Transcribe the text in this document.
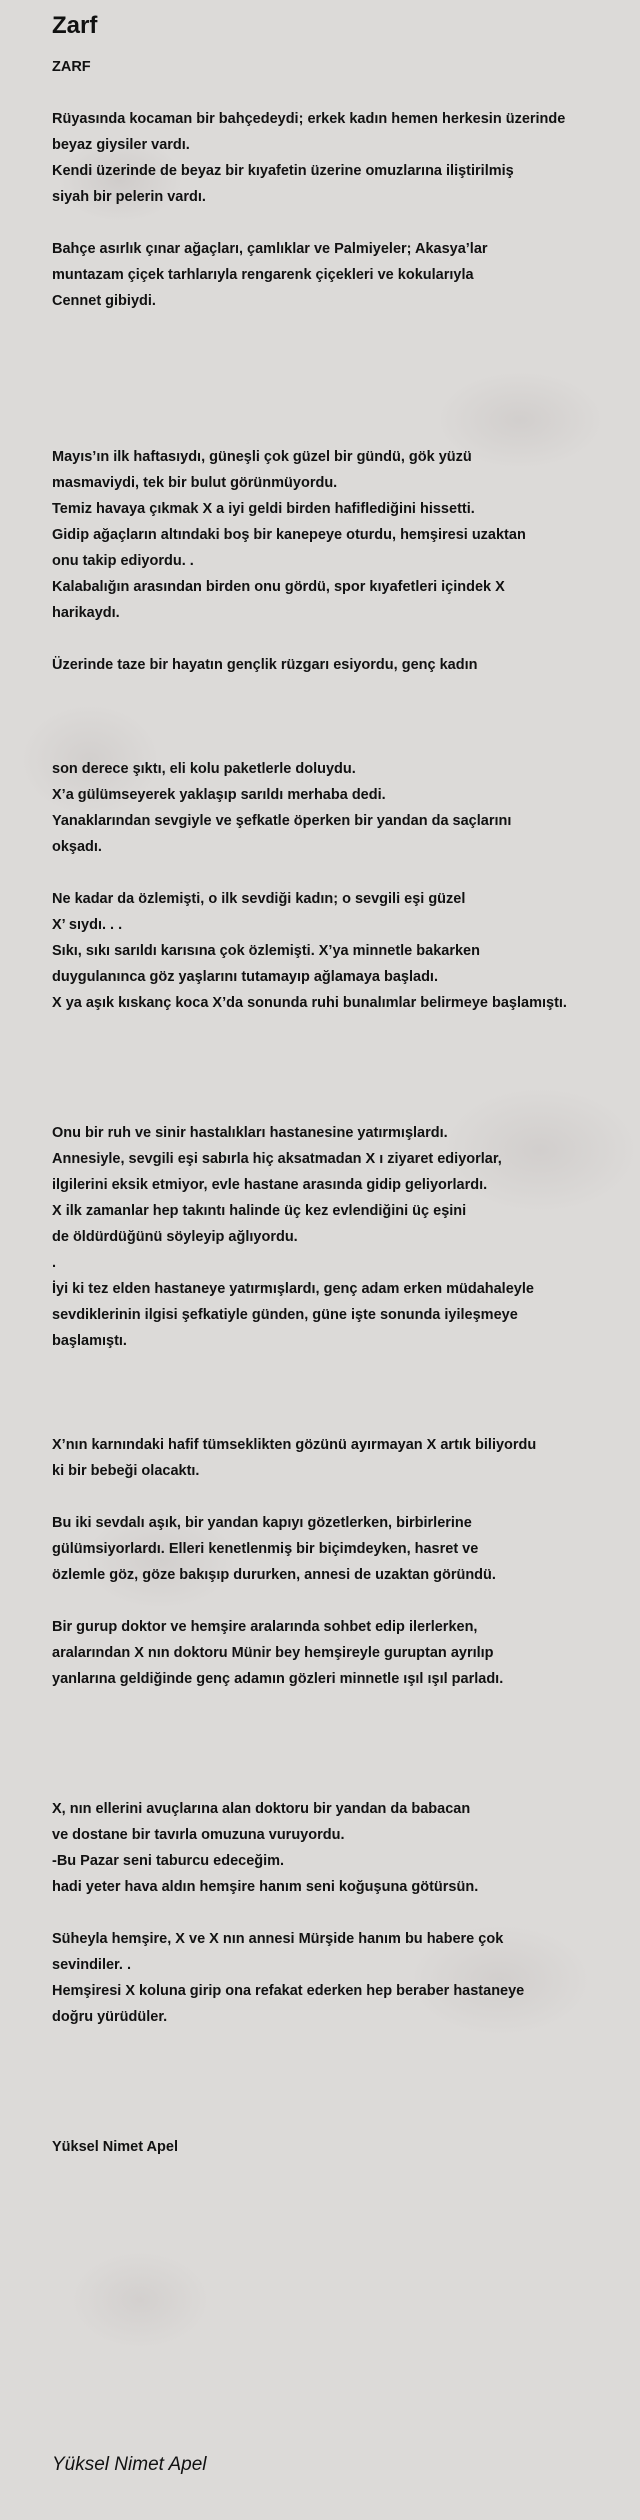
Zarf
ZARF
Rüyasında kocaman bir bahçedeydi; erkek kadın hemen herkesin üzerinde
beyaz giysiler vardı.
Kendi üzerinde de beyaz bir kıyafetin üzerine omuzlarına iliştirilmiş
siyah bir pelerin vardı.
Bahçe asırlık çınar ağaçları, çamlıklar ve Palmiyeler; Akasya’lar
muntazam çiçek tarhlarıyla rengarenk çiçekleri ve kokularıyla
Cennet gibiydi.
Mayıs’ın ilk haftasıydı, güneşli çok güzel bir gündü, gök yüzü
masmaviydi, tek bir bulut görünmüyordu.
Temiz havaya çıkmak X a iyi geldi birden hafiflediğini hissetti.
Gidip ağaçların altındaki boş bir kanepeye oturdu, hemşiresi uzaktan
onu takip ediyordu. .
Kalabalığın arasından birden onu gördü, spor kıyafetleri içindek X
harikaydı.
Üzerinde taze bir hayatın gençlik rüzgarı esiyordu, genç kadın
son derece şıktı, eli kolu paketlerle doluydu.
X’a gülümseyerek yaklaşıp sarıldı merhaba dedi.
Yanaklarından sevgiyle ve şefkatle öperken bir yandan da saçlarını
okşadı.
Ne kadar da özlemişti, o ilk sevdiği kadın; o sevgili eşi güzel
X’ sıydı. . .
Sıkı, sıkı sarıldı karısına çok özlemişti. X’ya minnetle bakarken
duygulanınca göz yaşlarını tutamayıp ağlamaya başladı.
X ya aşık kıskanç koca X’da sonunda ruhi bunalımlar belirmeye başlamıştı.
Onu bir ruh ve sinir hastalıkları hastanesine yatırmışlardı.
Annesiyle, sevgili eşi sabırla hiç aksatmadan X ı ziyaret ediyorlar,
ilgilerini eksik etmiyor, evle hastane arasında gidip geliyorlardı.
X ilk zamanlar hep takıntı halinde üç kez evlendiğini üç eşini
de öldürdüğünü söyleyip ağlıyordu.
.
İyi ki tez elden hastaneye yatırmışlardı, genç adam erken müdahaleyle
sevdiklerinin ilgisi şefkatiyle günden, güne işte sonunda iyileşmeye
başlamıştı.
X’nın karnındaki hafif tümseklikten gözünü ayırmayan X artık biliyordu
ki bir bebeği olacaktı.
Bu iki sevdalı aşık, bir yandan kapıyı gözetlerken, birbirlerine
gülümsiyorlardı. Elleri kenetlenmiş bir biçimdeyken, hasret ve
özlemle göz, göze bakışıp dururken, annesi de uzaktan göründü.
Bir gurup doktor ve hemşire aralarında sohbet edip ilerlerken,
aralarından X nın doktoru Münir bey hemşireyle guruptan ayrılıp
yanlarına geldiğinde genç adamın gözleri minnetle ışıl ışıl parladı.
X, nın ellerini avuçlarına alan doktoru bir yandan da babacan
ve dostane bir tavırla omuzuna vuruyordu.
-Bu Pazar seni taburcu edeceğim.
hadi yeter hava aldın hemşire hanım seni koğuşuna götürsün.
Süheyla hemşire, X ve X nın annesi Mürşide hanım bu habere çok
sevindiler. .
Hemşiresi X koluna girip ona refakat ederken hep beraber hastaneye
doğru yürüdüler.
Yüksel Nimet Apel
Yüksel Nimet Apel
